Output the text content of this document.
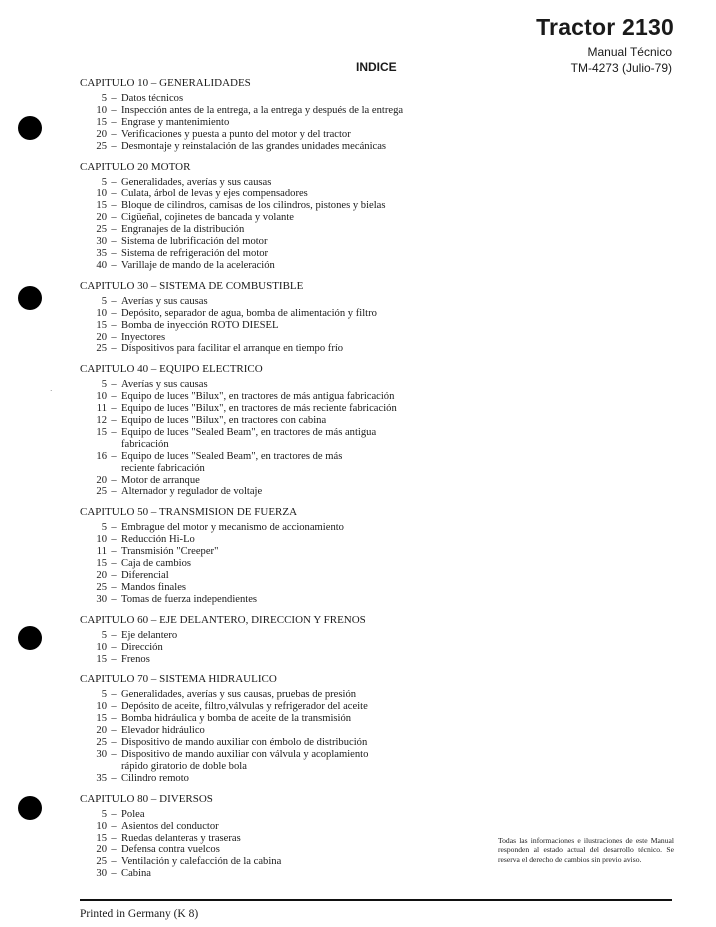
·
Tractor 2130
Manual Técnico
TM-4273 (Julio-79)
INDICE
CAPITULO 10 – GENERALIDADES
5 – Datos técnicos
10 – Inspección antes de la entrega, a la entrega y después de la entrega
15 – Engrase y mantenimiento
20 – Verificaciones y puesta a punto del motor y del tractor
25 – Desmontaje y reinstalación de las grandes unidades mecánicas
CAPITULO 20 MOTOR
5 – Generalidades, averías y sus causas
10 – Culata, árbol de levas y ejes compensadores
15 – Bloque de cilindros, camisas de los cilindros, pistones y bielas
20 – Cigüeñal, cojinetes de bancada y volante
25 – Engranajes de la distribución
30 – Sistema de lubrificación del motor
35 – Sistema de refrigeración del motor
40 – Varillaje de mando de la aceleración
CAPITULO 30 – SISTEMA DE COMBUSTIBLE
5 – Averías y sus causas
10 – Depósito, separador de agua, bomba de alimentación y filtro
15 – Bomba de inyección ROTO DIESEL
20 – Inyectores
25 – Dispositivos para facilitar el arranque en tiempo frío
CAPITULO 40 – EQUIPO ELECTRICO
5 – Averías y sus causas
10 – Equipo de luces "Bilux", en tractores de más antigua fabricación
11 – Equipo de luces "Bilux", en tractores de más reciente fabricación
12 – Equipo de luces "Bilux", en tractores con cabina
15 – Equipo de luces "Sealed Beam", en tractores de más antigua
fabricación
16 – Equipo de luces "Sealed Beam", en tractores de más
reciente fabricación
20 – Motor de arranque
25 – Alternador y regulador de voltaje
CAPITULO 50 – TRANSMISION DE FUERZA
5 – Embrague del motor y mecanismo de accionamiento
10 – Reducción Hi-Lo
11 – Transmisión "Creeper"
15 – Caja de cambios
20 – Diferencial
25 – Mandos finales
30 – Tomas de fuerza independientes
CAPITULO 60 – EJE DELANTERO, DIRECCION Y FRENOS
5 – Eje delantero
10 – Dirección
15 – Frenos
CAPITULO 70 – SISTEMA HIDRAULICO
5 – Generalidades, averías y sus causas, pruebas de presión
10 – Depósito de aceite, filtro,válvulas y refrigerador del aceite
15 – Bomba hidráulica y bomba de aceite de la transmisión
20 – Elevador hidráulico
25 – Dispositivo de mando auxiliar con émbolo de distribución
30 – Dispositivo de mando auxiliar con válvula y acoplamiento
rápido giratorio de doble bola
35 – Cilindro remoto
CAPITULO 80 – DIVERSOS
5 – Polea
10 – Asientos del conductor
15 – Ruedas delanteras y traseras
20 – Defensa contra vuelcos
25 – Ventilación y calefacción de la cabina
30 – Cabina
Todas las informaciones e ilustraciones de este Manual responden al estado actual del desarrollo técnico. Se reserva el derecho de cambios sin previo aviso.
Printed in Germany (K 8)
